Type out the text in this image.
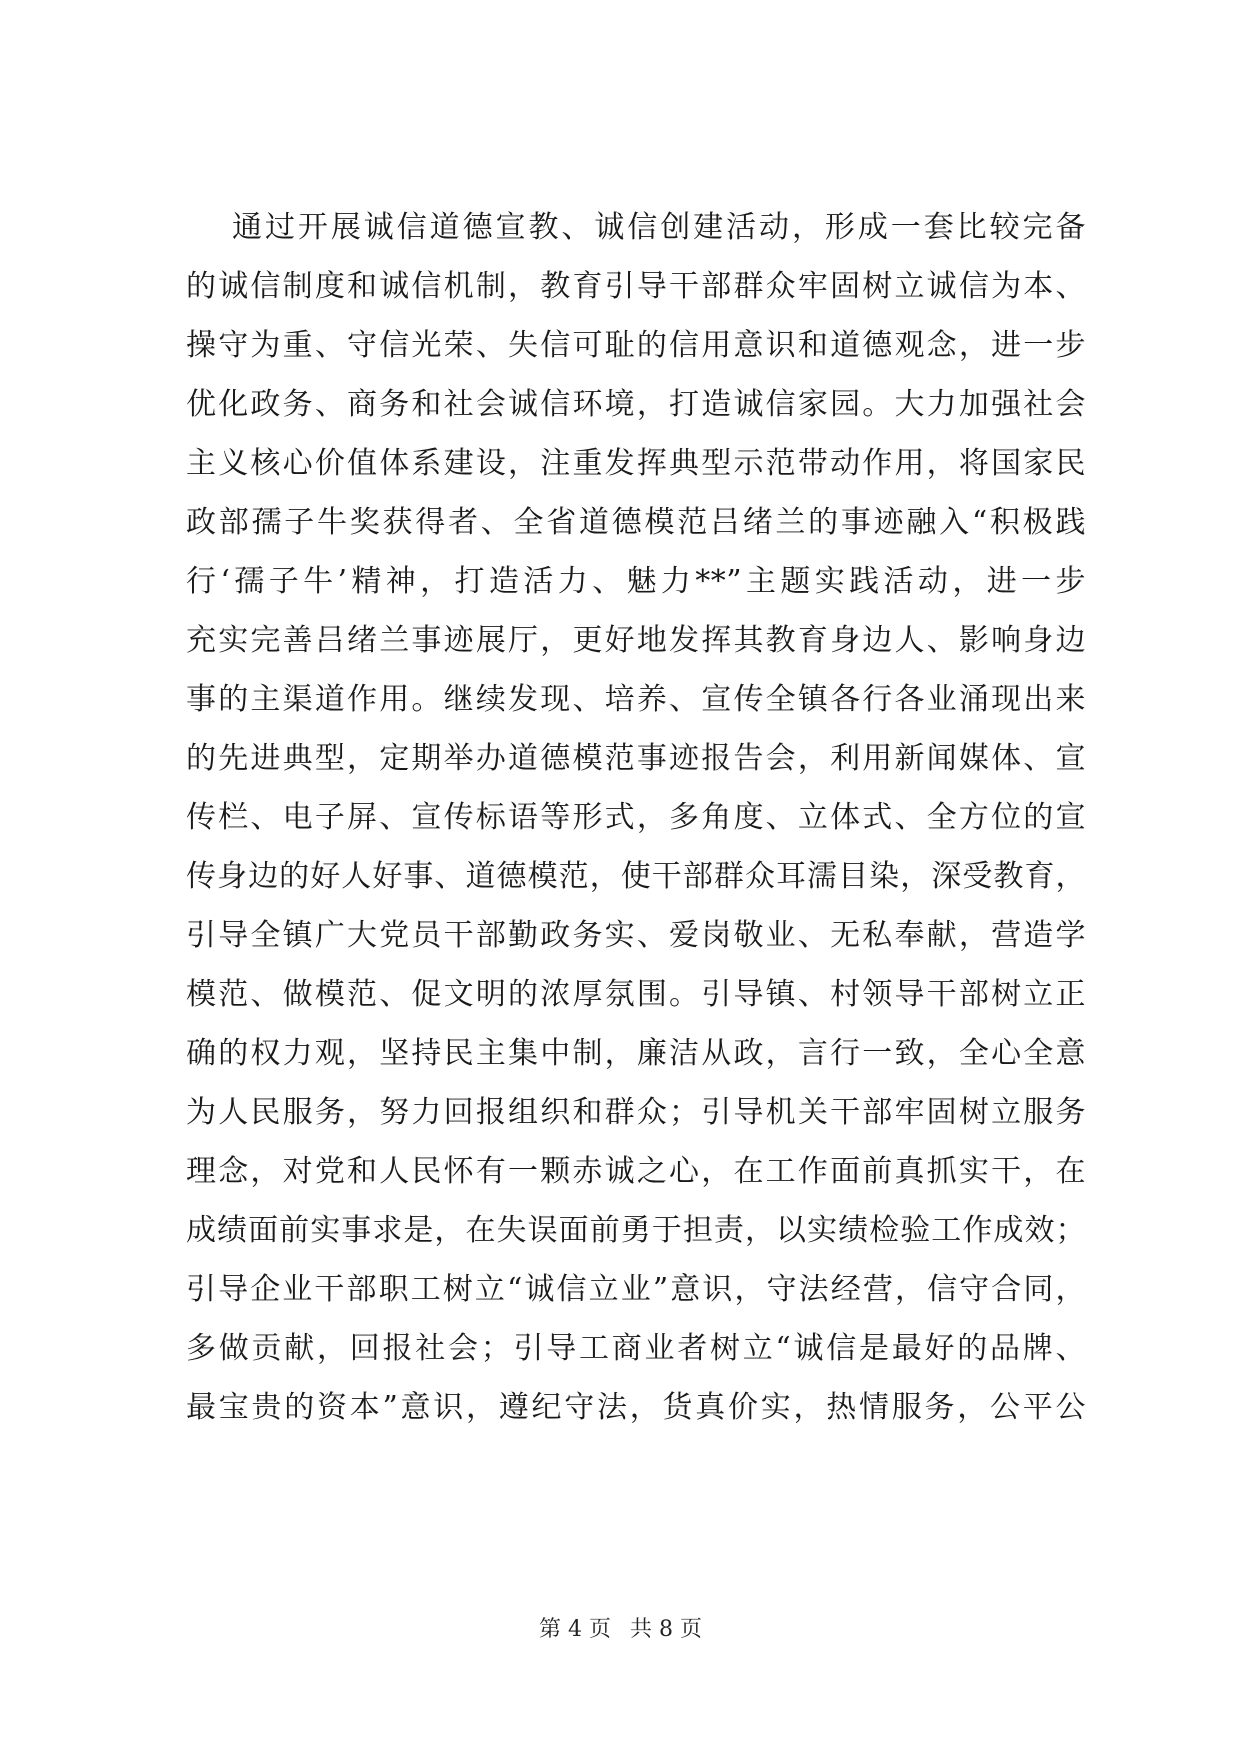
通过开展诚信道德宣教、诚信创建活动，形成一套比较完备
的诚信制度和诚信机制，教育引导干部群众牢固树立诚信为本、
操守为重、守信光荣、失信可耻的信用意识和道德观念，进一步
优化政务、商务和社会诚信环境，打造诚信家园。大力加强社会
主义核心价值体系建设，注重发挥典型示范带动作用，将国家民
政部孺子牛奖获得者、全省道德模范吕绪兰的事迹融入“积极践
行‘孺子牛’精神，打造活力、魅力**”主题实践活动，进一步
充实完善吕绪兰事迹展厅，更好地发挥其教育身边人、影响身边
事的主渠道作用。继续发现、培养、宣传全镇各行各业涌现出来
的先进典型，定期举办道德模范事迹报告会，利用新闻媒体、宣
传栏、电子屏、宣传标语等形式，多角度、立体式、全方位的宣
传身边的好人好事、道德模范，使干部群众耳濡目染，深受教育，
引导全镇广大党员干部勤政务实、爱岗敬业、无私奉献，营造学
模范、做模范、促文明的浓厚氛围。引导镇、村领导干部树立正
确的权力观，坚持民主集中制，廉洁从政，言行一致，全心全意
为人民服务，努力回报组织和群众；引导机关干部牢固树立服务
理念，对党和人民怀有一颗赤诚之心，在工作面前真抓实干，在
成绩面前实事求是，在失误面前勇于担责，以实绩检验工作成效；
引导企业干部职工树立“诚信立业”意识，守法经营，信守合同，
多做贡献，回报社会；引导工商业者树立“诚信是最好的品牌、
最宝贵的资本”意识，遵纪守法，货真价实，热情服务，公平公
第 4 页 共 8 页
